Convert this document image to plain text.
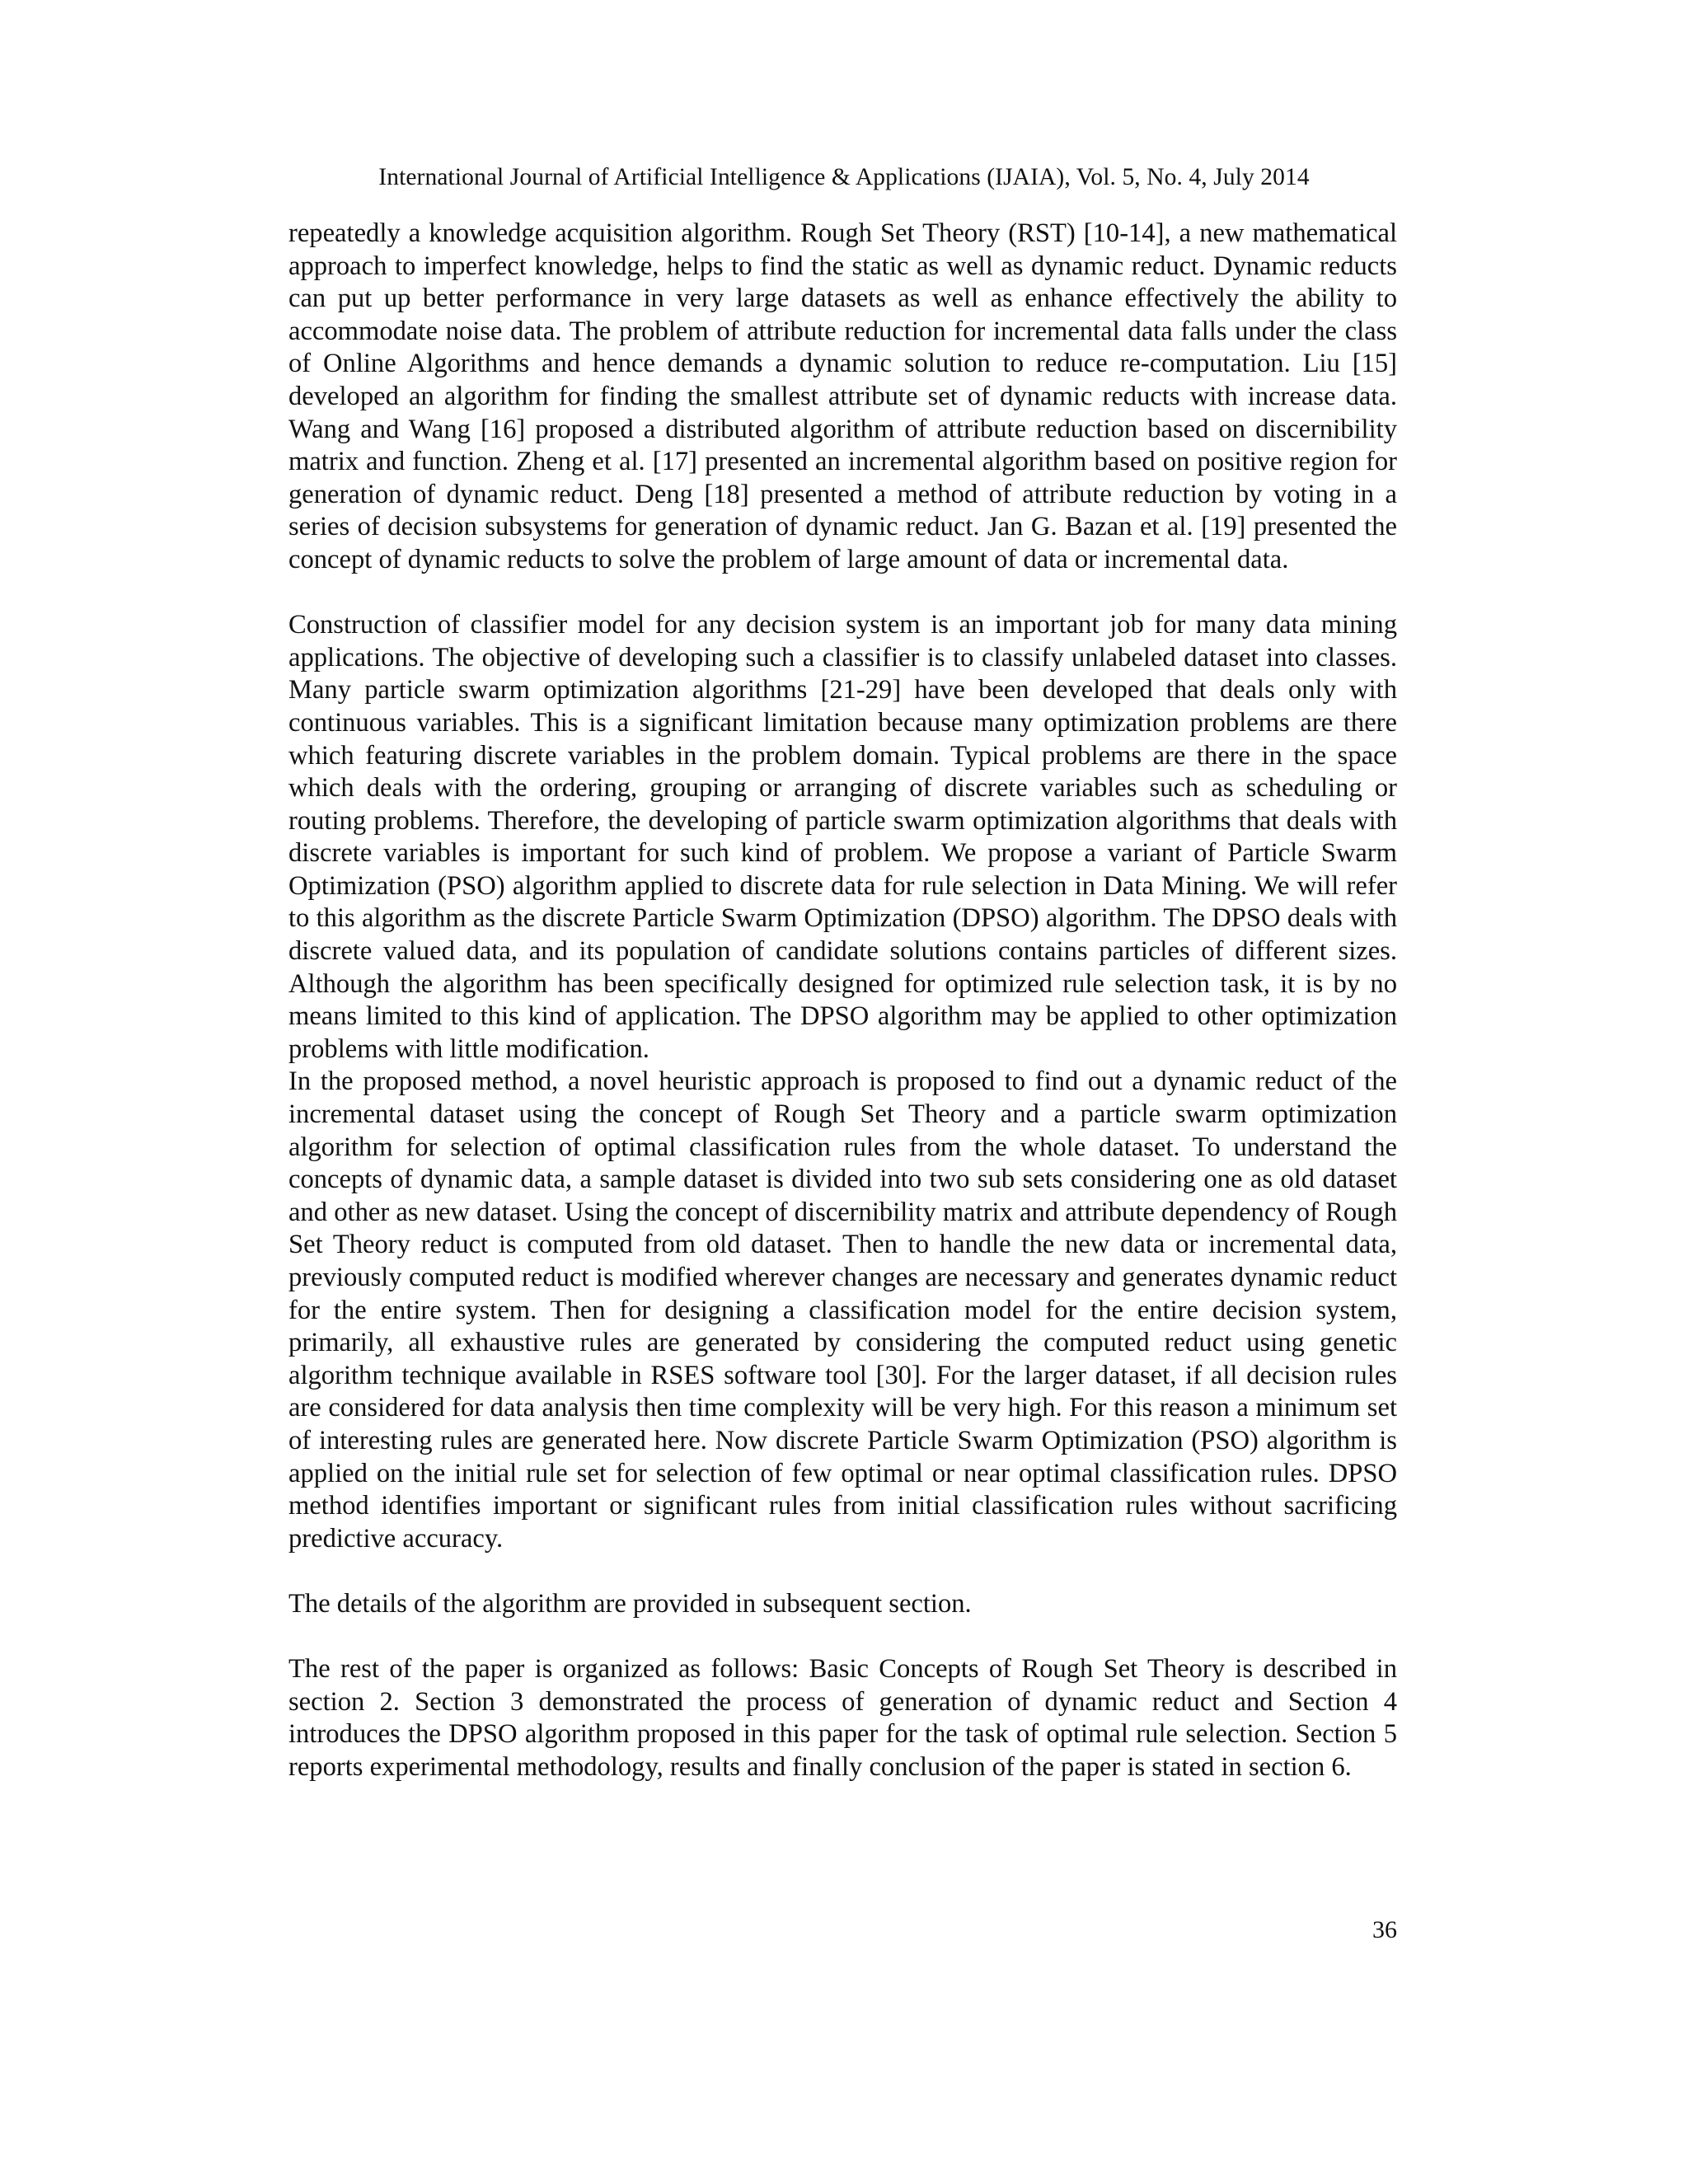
International Journal of Artificial Intelligence & Applications (IJAIA), Vol. 5, No. 4, July 2014

repeatedly a knowledge acquisition algorithm. Rough Set Theory (RST) [10-14], a new mathematical approach to imperfect knowledge, helps to find the static as well as dynamic reduct. Dynamic reducts can put up better performance in very large datasets as well as enhance effectively the ability to accommodate noise data. The problem of attribute reduction for incremental data falls under the class of Online Algorithms and hence demands a dynamic solution to reduce re-computation. Liu [15] developed an algorithm for finding the smallest attribute set of dynamic reducts with increase data. Wang and Wang [16] proposed a distributed algorithm of attribute reduction based on discernibility matrix and function. Zheng et al. [17] presented an incremental algorithm based on positive region for generation of dynamic reduct. Deng [18] presented a method of attribute reduction by voting in a series of decision subsystems for generation of dynamic reduct. Jan G. Bazan et al. [19] presented the concept of dynamic reducts to solve the problem of large amount of data or incremental data.

Construction of classifier model for any decision system is an important job for many data mining applications. The objective of developing such a classifier is to classify unlabeled dataset into classes. Many particle swarm optimization algorithms [21-29] have been developed that deals only with continuous variables. This is a significant limitation because many optimization problems are there which featuring discrete variables in the problem domain. Typical problems are there in the space which deals with the ordering, grouping or arranging of discrete variables such as scheduling or routing problems. Therefore, the developing of particle swarm optimization algorithms that deals with discrete variables is important for such kind of problem. We propose a variant of Particle Swarm Optimization (PSO) algorithm applied to discrete data for rule selection in Data Mining. We will refer to this algorithm as the discrete Particle Swarm Optimization (DPSO) algorithm. The DPSO deals with discrete valued data, and its population of candidate solutions contains particles of different sizes. Although the algorithm has been specifically designed for optimized rule selection task, it is by no means limited to this kind of application. The DPSO algorithm may be applied to other optimization problems with little modification.

In the proposed method, a novel heuristic approach is proposed to find out a dynamic reduct of the incremental dataset using the concept of Rough Set Theory and a particle swarm optimization algorithm for selection of optimal classification rules from the whole dataset. To understand the concepts of dynamic data, a sample dataset is divided into two sub sets considering one as old dataset and other as new dataset. Using the concept of discernibility matrix and attribute dependency of Rough Set Theory reduct is computed from old dataset. Then to handle the new data or incremental data, previously computed reduct is modified wherever changes are necessary and generates dynamic reduct for the entire system. Then for designing a classification model for the entire decision system, primarily, all exhaustive rules are generated by considering the computed reduct using genetic algorithm technique available in RSES software tool [30]. For the larger dataset, if all decision rules are considered for data analysis then time complexity will be very high. For this reason a minimum set of interesting rules are generated here. Now discrete Particle Swarm Optimization (PSO) algorithm is applied on the initial rule set for selection of few optimal or near optimal classification rules. DPSO method identifies important or significant rules from initial classification rules without sacrificing predictive accuracy.

The details of the algorithm are provided in subsequent section.

The rest of the paper is organized as follows: Basic Concepts of Rough Set Theory is described in section 2. Section 3 demonstrated the process of generation of dynamic reduct and Section 4 introduces the DPSO algorithm proposed in this paper for the task of optimal rule selection. Section 5 reports experimental methodology, results and finally conclusion of the paper is stated in section 6.

36
